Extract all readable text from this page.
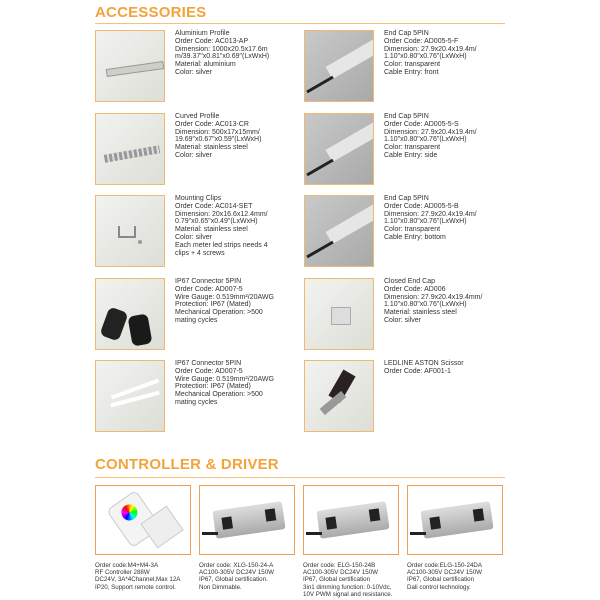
ACCESSORIES
Aluminium Profile
Order Code: AC013-AP
Dimension: 1000x20.5x17.6m
m/39.37"x0.81"x0.69"(LxWxH)
Material: aluminium
Color: silver
Curved Profile
Order Code: AC013-CR
Dimension: 500x17x15mm/
19.69"x0.67"x0.59"(LxWxH)
Material: stainless steel
Color: silver
Mounting Clips
Order Code: AC014-SET
Dimension: 20x16.6x12.4mm/
0.79"x0.65"x0.49"(LxWxH)
Material: stainless steel
Color: silver
Each meter led strips needs 4
clips + 4 screws
IP67 Connector 5PIN
Order Code: AD007-5
Wire Gauge: 0.519mm²/20AWG
Protection: IP67 (Mated)
Mechanical Operation: >500
mating cycles
IP67 Connector 5PIN
Order Code: AD007-5
Wire Gauge: 0.519mm²/20AWG
Protection: IP67 (Mated)
Mechanical Operation: >500
mating cycles
End Cap 5PIN
Order Code: AD005-5-F
Dimension: 27.9x20.4x19.4m/
1.10"x0.80"x0.76"(LxWxH)
Color: transparent
Cable Entry: front
End Cap 5PIN
Order Code: AD005-5-S
Dimension: 27.9x20.4x19.4m/
1.10"x0.80"x0.76"(LxWxH)
Color: transparent
Cable Entry: side
End Cap 5PIN
Order Code: AD005-5-B
Dimension: 27.9x20.4x19.4m/
1.10"x0.80"x0.76"(LxWxH)
Color: transparent
Cable Entry: bottom
Closed End Cap
Order Code: AD006
Dimension: 27.9x20.4x19.4mm/
1.10"x0.80"x0.76"(LxWxH)
Material: stainless steel
Color: silver
LEDLINE ASTON Scissor
Order Code: AF001-1
CONTROLLER & DRIVER
Order code:M4+M4-3A
RF Controller 288W
DC24V, 3A*4Channel,Max 12A
IP20, Support remote control.
Order code: XLG-150-24-A
AC100-305V DC24V 150W
IP67, Global certification.
Non Dimmable.
Order code: ELG-150-24B
AC100-305V DC24V 150W
IP67, Global certification
3in1 dimming function: 0-10Vdc,
10V PWM signal and resistance.
Order code:ELG-150-24DA
AC100-305V DC24V 150W
IP67, Global certification
Dali control technology.
